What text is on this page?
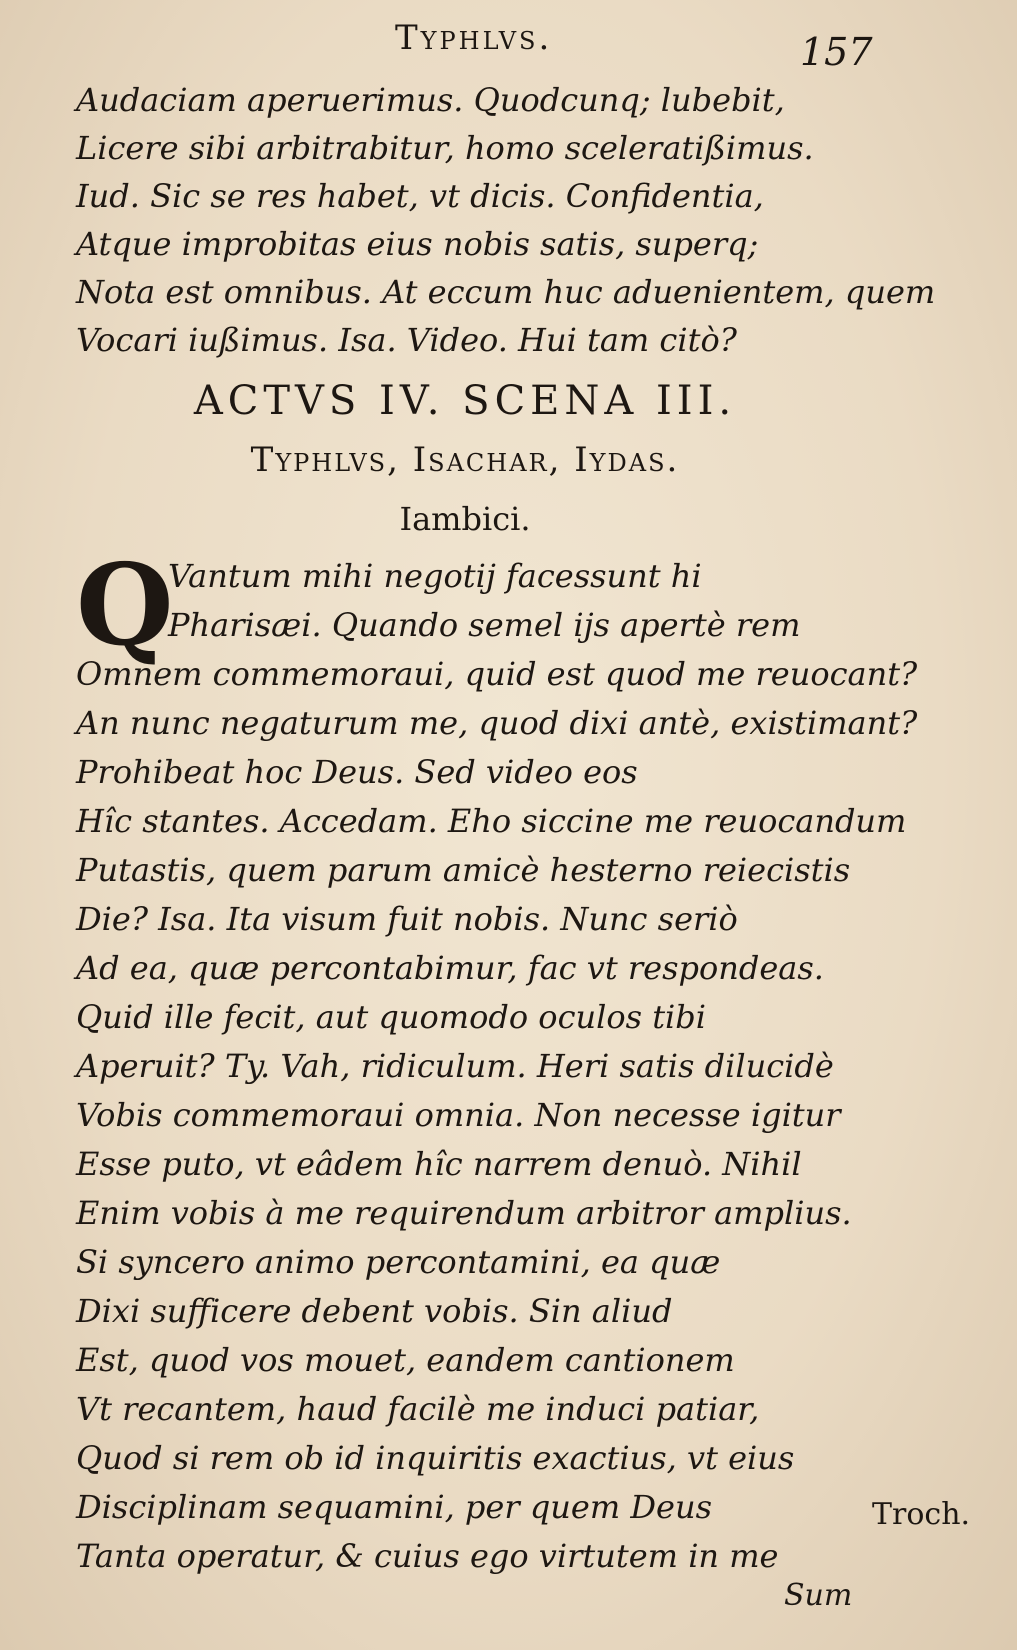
Typhlvs.	157
Audaciam aperuerimus. Quodcunq; lubebit,
Licere sibi arbitrabitur, homo sceleratißimus.
Iud. Sic se res habet, vt dicis. Confidentia,
Atque improbitas eius nobis satis, superq;
Nota est omnibus. At eccum huc aduenientem, quem
Vocari iußimus. Isa. Video. Hui tam citò?
ACTVS IV. SCENA III.
Typhlvs, Isachar, Iydas.
Iambici.
Q
Vantum mihi negotij facessunt hi
Pharisæi. Quando semel ijs apertè rem
Omnem commemoraui, quid est quod me reuocant?
An nunc negaturum me, quod dixi antè, existimant?
Prohibeat hoc Deus. Sed video eos
Hîc stantes. Accedam. Eho siccine me reuocandum
Putastis, quem parum amicè hesterno reiecistis
Die? Isa. Ita visum fuit nobis. Nunc seriò
Ad ea, quæ percontabimur, fac vt respondeas.
Quid ille fecit, aut quomodo oculos tibi
Aperuit? Ty. Vah, ridiculum. Heri satis dilucidè
Vobis commemoraui omnia. Non necesse igitur
Esse puto, vt eâdem hîc narrem denuò. Nihil
Enim vobis à me requirendum arbitror amplius.
Si syncero animo percontamini, ea quæ
Dixi sufficere debent vobis. Sin aliud
Est, quod vos mouet, eandem cantionem
Vt recantem, haud facilè me induci patiar,
Quod si rem ob id inquiritis exactius, vt eius
Disciplinam sequamini, per quem Deus
Tanta operatur, & cuius ego virtutem in me
Troch.
Sum
